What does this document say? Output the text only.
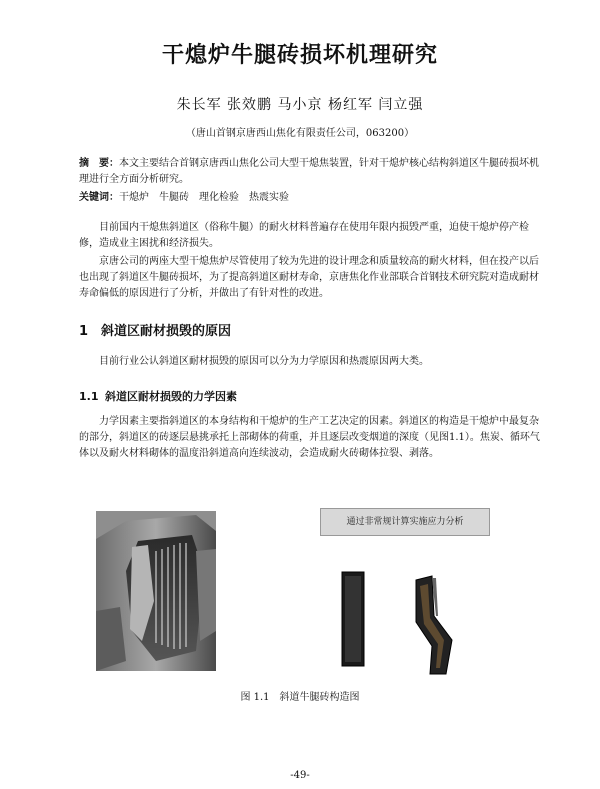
干熄炉牛腿砖损坏机理研究
朱长军 张效鹏 马小京 杨红军 闫立强
（唐山首钢京唐西山焦化有限责任公司，063200）
摘　要：本文主要结合首钢京唐西山焦化公司大型干熄焦装置，针对干熄炉核心结构斜道区牛腿砖损坏机理进行全方面分析研究。
关键词：干熄炉　牛腿砖　理化检验　热震实验
目前国内干熄焦斜道区（俗称牛腿）的耐火材料普遍存在使用年限内损毁严重，迫使干熄炉停产检修，造成业主困扰和经济损失。
京唐公司的两座大型干熄焦炉尽管使用了较为先进的设计理念和质量较高的耐火材料，但在投产以后也出现了斜道区牛腿砖损坏，为了提高斜道区耐材寿命，京唐焦化作业部联合首钢技术研究院对造成耐材寿命偏低的原因进行了分析，并做出了有针对性的改进。
1 斜道区耐材损毁的原因
目前行业公认斜道区耐材损毁的原因可以分为力学原因和热震原因两大类。
1.1 斜道区耐材损毁的力学因素
力学因素主要指斜道区的本身结构和干熄炉的生产工艺决定的因素。斜道区的构造是干熄炉中最复杂的部分，斜道区的砖逐层悬挑承托上部砌体的荷重，并且逐层改变烟道的深度（见图1.1）。焦炭、循环气体以及耐火材料砌体的温度沿斜道高向连续波动，会造成耐火砖砌体拉裂、剥落。
通过非常规计算实施应力分析
图 1.1　斜道牛腿砖构造图
-49-
